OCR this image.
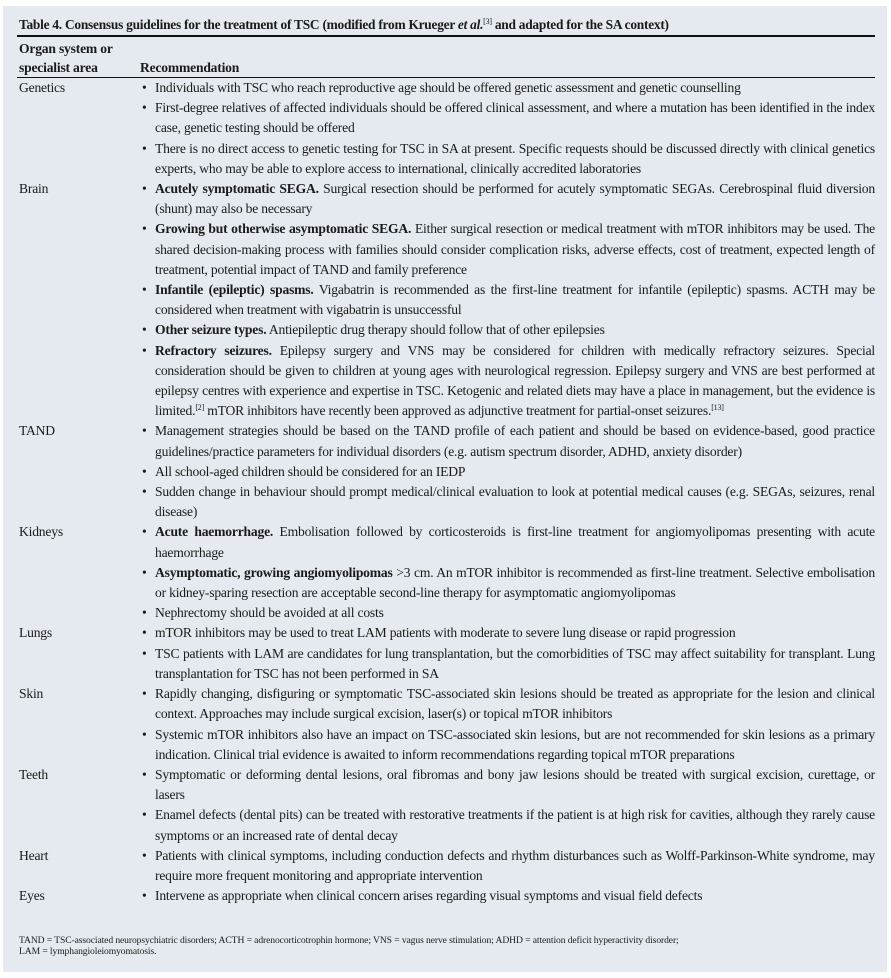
Table 4. Consensus guidelines for the treatment of TSC (modified from Krueger et al.[3] and adapted for the SA context)
Organ system or
specialist area	Recommendation
Genetics	• Individuals with TSC who reach reproductive age should be offered genetic assessment and genetic counselling
• First-degree relatives of affected individuals should be offered clinical assessment, and where a mutation has been identified in the index case, genetic testing should be offered
• There is no direct access to genetic testing for TSC in SA at present. Specific requests should be discussed directly with clinical genetics experts, who may be able to explore access to international, clinically accredited laboratories
Brain	• Acutely symptomatic SEGA. Surgical resection should be performed for acutely symptomatic SEGAs. Cerebrospinal fluid diversion (shunt) may also be necessary
• Growing but otherwise asymptomatic SEGA. Either surgical resection or medical treatment with mTOR inhibitors may be used. The shared decision-making process with families should consider complication risks, adverse effects, cost of treatment, expected length of treatment, potential impact of TAND and family preference
• Infantile (epileptic) spasms. Vigabatrin is recommended as the first-line treatment for infantile (epileptic) spasms. ACTH may be considered when treatment with vigabatrin is unsuccessful
• Other seizure types. Antiepileptic drug therapy should follow that of other epilepsies
• Refractory seizures. Epilepsy surgery and VNS may be considered for children with medically refractory seizures. Special consideration should be given to children at young ages with neurological regression. Epilepsy surgery and VNS are best performed at epilepsy centres with experience and expertise in TSC. Ketogenic and related diets may have a place in management, but the evidence is limited.[2] mTOR inhibitors have recently been approved as adjunctive treatment for partial-onset seizures.[13]
TAND	• Management strategies should be based on the TAND profile of each patient and should be based on evidence-based, good practice guidelines/practice parameters for individual disorders (e.g. autism spectrum disorder, ADHD, anxiety disorder)
• All school-aged children should be considered for an IEDP
• Sudden change in behaviour should prompt medical/clinical evaluation to look at potential medical causes (e.g. SEGAs, seizures, renal disease)
Kidneys	• Acute haemorrhage. Embolisation followed by corticosteroids is first-line treatment for angiomyolipomas presenting with acute haemorrhage
• Asymptomatic, growing angiomyolipomas >3 cm. An mTOR inhibitor is recommended as first-line treatment. Selective embolisation or kidney-sparing resection are acceptable second-line therapy for asymptomatic angiomyolipomas
• Nephrectomy should be avoided at all costs
Lungs	• mTOR inhibitors may be used to treat LAM patients with moderate to severe lung disease or rapid progression
• TSC patients with LAM are candidates for lung transplantation, but the comorbidities of TSC may affect suitability for transplant. Lung transplantation for TSC has not been performed in SA
Skin	• Rapidly changing, disfiguring or symptomatic TSC-associated skin lesions should be treated as appropriate for the lesion and clinical context. Approaches may include surgical excision, laser(s) or topical mTOR inhibitors
• Systemic mTOR inhibitors also have an impact on TSC-associated skin lesions, but are not recommended for skin lesions as a primary indication. Clinical trial evidence is awaited to inform recommendations regarding topical mTOR preparations
Teeth	• Symptomatic or deforming dental lesions, oral fibromas and bony jaw lesions should be treated with surgical excision, curettage, or lasers
• Enamel defects (dental pits) can be treated with restorative treatments if the patient is at high risk for cavities, although they rarely cause symptoms or an increased rate of dental decay
Heart	• Patients with clinical symptoms, including conduction defects and rhythm disturbances such as Wolff-Parkinson-White syndrome, may require more frequent monitoring and appropriate intervention
Eyes	• Intervene as appropriate when clinical concern arises regarding visual symptoms and visual field defects
TAND = TSC-associated neuropsychiatric disorders; ACTH = adrenocorticotrophin hormone; VNS = vagus nerve stimulation; ADHD = attention deficit hyperactivity disorder;
LAM = lymphangioleiomyomatosis.
